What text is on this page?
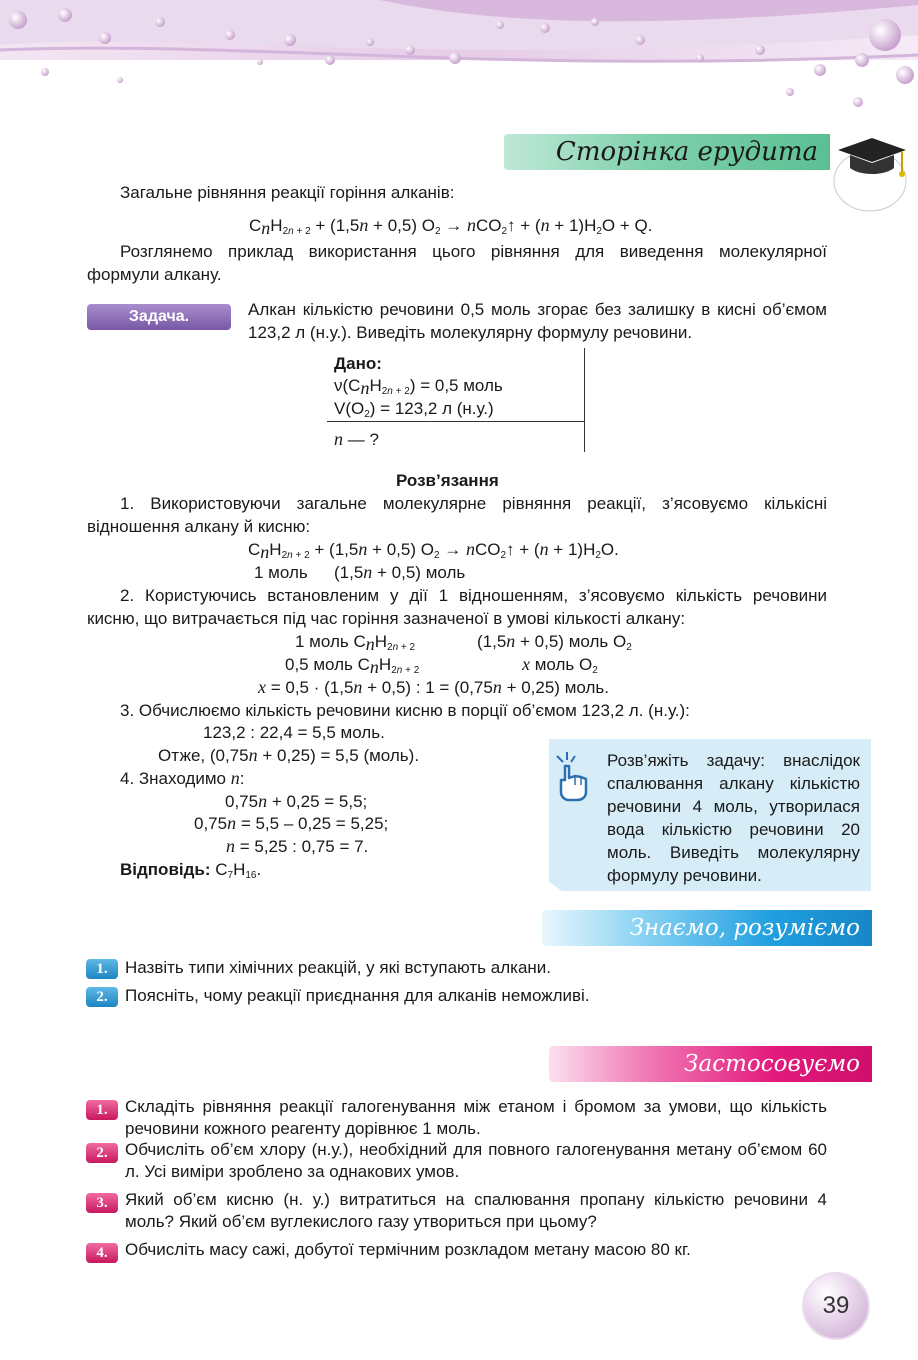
Сторінка ерудита
Загальне рівняння реакції горіння алканів:
$C_nH_{2n + 2} + (1,5n + 0,5) O_2$ → nCO$_2$↑ + $(n + 1)H_2O + Q$.
Розглянемо приклад використання цього рівняння для виведення молекулярної формули алкану.
Задача.	Алкан кількістю речовини 0,5 моль згорає без залишку в кисні об’ємом 123,2 л (н.у.). Виведіть молекулярну формулу речовини.
Дано:
$\nu(C_nH_{2n + 2}) = 0,5$ моль
$V(O_2) = 123,2$ л (н.у.)
n — ?
Розв’язання
1. Використовуючи загальне молекулярне рівняння реакції, з’ясовуємо кількісні відношення алкану й кисню:
$C_nH_{2n + 2} + (1,5n + 0,5) O_2$ → nCO$_2$↑ + $(n + 1)H_2O$.
1 моль (1,5n + 0,5) моль
2. Користуючись встановленим у дії 1 відношенням, з’ясовуємо кількість речовини кисню, що витрачається під час горіння зазначеної в умові кількості алкану:
1 моль $C_nH_{2n + 2}$	(1,5n + 0,5) моль $O_2$
0,5 моль $C_nH_{2n + 2}$	x моль $O_2$
x = 0,5 · (1,5n + 0,5) : 1 = (0,75n + 0,25) моль.
3. Обчислюємо кількість речовини кисню в порції об’ємом 123,2 л. (н.у.):
123,2 : 22,4 = 5,5 моль.
Отже, (0,75n + 0,25) = 5,5 (моль).
4. Знаходимо n:
0,75n + 0,25 = 5,5;
0,75n = 5,5 – 0,25 = 5,25;
n = 5,25 : 0,75 = 7.
Відповідь: $C_7H_{16}$.
Розв’яжіть задачу: внаслідок спалювання алкану кількістю речовини 4 моль, утворилася вода кількістю речовини 20 моль. Виведіть молекулярну формулу речовини.
Знаємо, розуміємо
1.	Назвіть типи хімічних реакцій, у які вступають алкани.
2.	Поясніть, чому реакції приєднання для алканів неможливі.
Застосовуємо
1.	Складіть рівняння реакції галогенування між етаном і бромом за умови, що кількість речовини кожного реагенту дорівнює 1 моль.
2.	Обчисліть об’єм хлору (н.у.), необхідний для повного галогенування метану об’ємом 60 л. Усі виміри зроблено за однакових умов.
3.	Який об’єм кисню (н. у.) витратиться на спалювання пропану кількістю речовини 4 моль? Який об’єм вуглекислого газу утвориться при цьому?
4.	Обчисліть масу сажі, добутої термічним розкладом метану масою 80 кг.
39
